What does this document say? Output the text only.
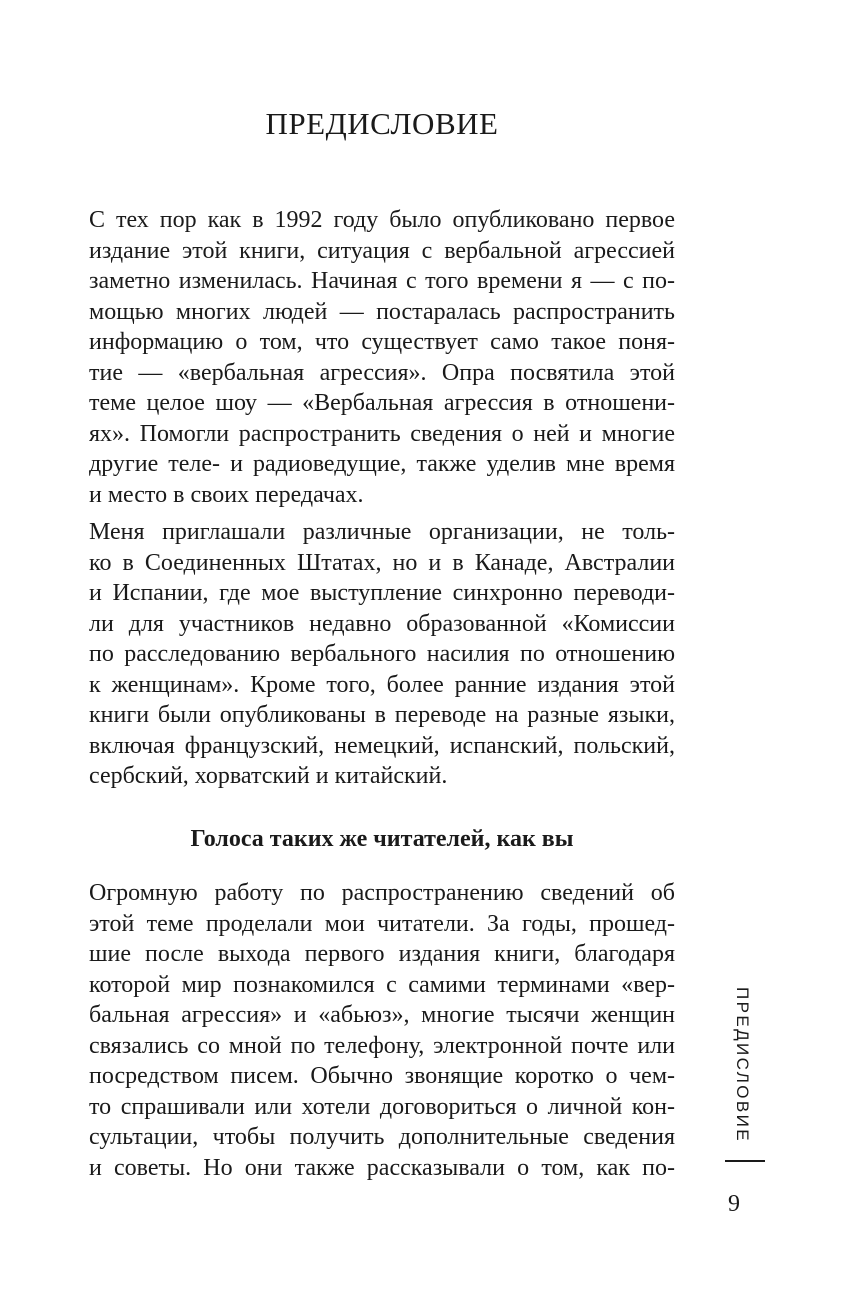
ПРЕДИСЛОВИЕ
С тех пор как в 1992 году было опубликовано первое
издание этой книги, ситуация с вербальной агрессией
заметно изменилась. Начиная с того времени я — с по-
мощью многих людей — постаралась распространить
информацию о том, что существует само такое поня-
тие — «вербальная агрессия». Опра посвятила этой
теме целое шоу — «Вербальная агрессия в отношени-
ях». Помогли распространить сведения о ней и многие
другие теле- и радиоведущие, также уделив мне время
и место в своих передачах.
Меня приглашали различные организации, не толь-
ко в Соединенных Штатах, но и в Канаде, Австралии
и Испании, где мое выступление синхронно переводи-
ли для участников недавно образованной «Комиссии
по расследованию вербального насилия по отношению
к женщинам». Кроме того, более ранние издания этой
книги были опубликованы в переводе на разные языки,
включая французский, немецкий, испанский, польский,
сербский, хорватский и китайский.
Голоса таких же читателей, как вы
Огромную работу по распространению сведений об
этой теме проделали мои читатели. За годы, прошед-
шие после выхода первого издания книги, благодаря
которой мир познакомился с самими терминами «вер-
бальная агрессия» и «абьюз», многие тысячи женщин
связались со мной по телефону, электронной почте или
посредством писем. Обычно звонящие коротко о чем-
то спрашивали или хотели договориться о личной кон-
сультации, чтобы получить дополнительные сведения
и советы. Но они также рассказывали о том, как по-
ПРЕДИСЛОВИЕ
9
